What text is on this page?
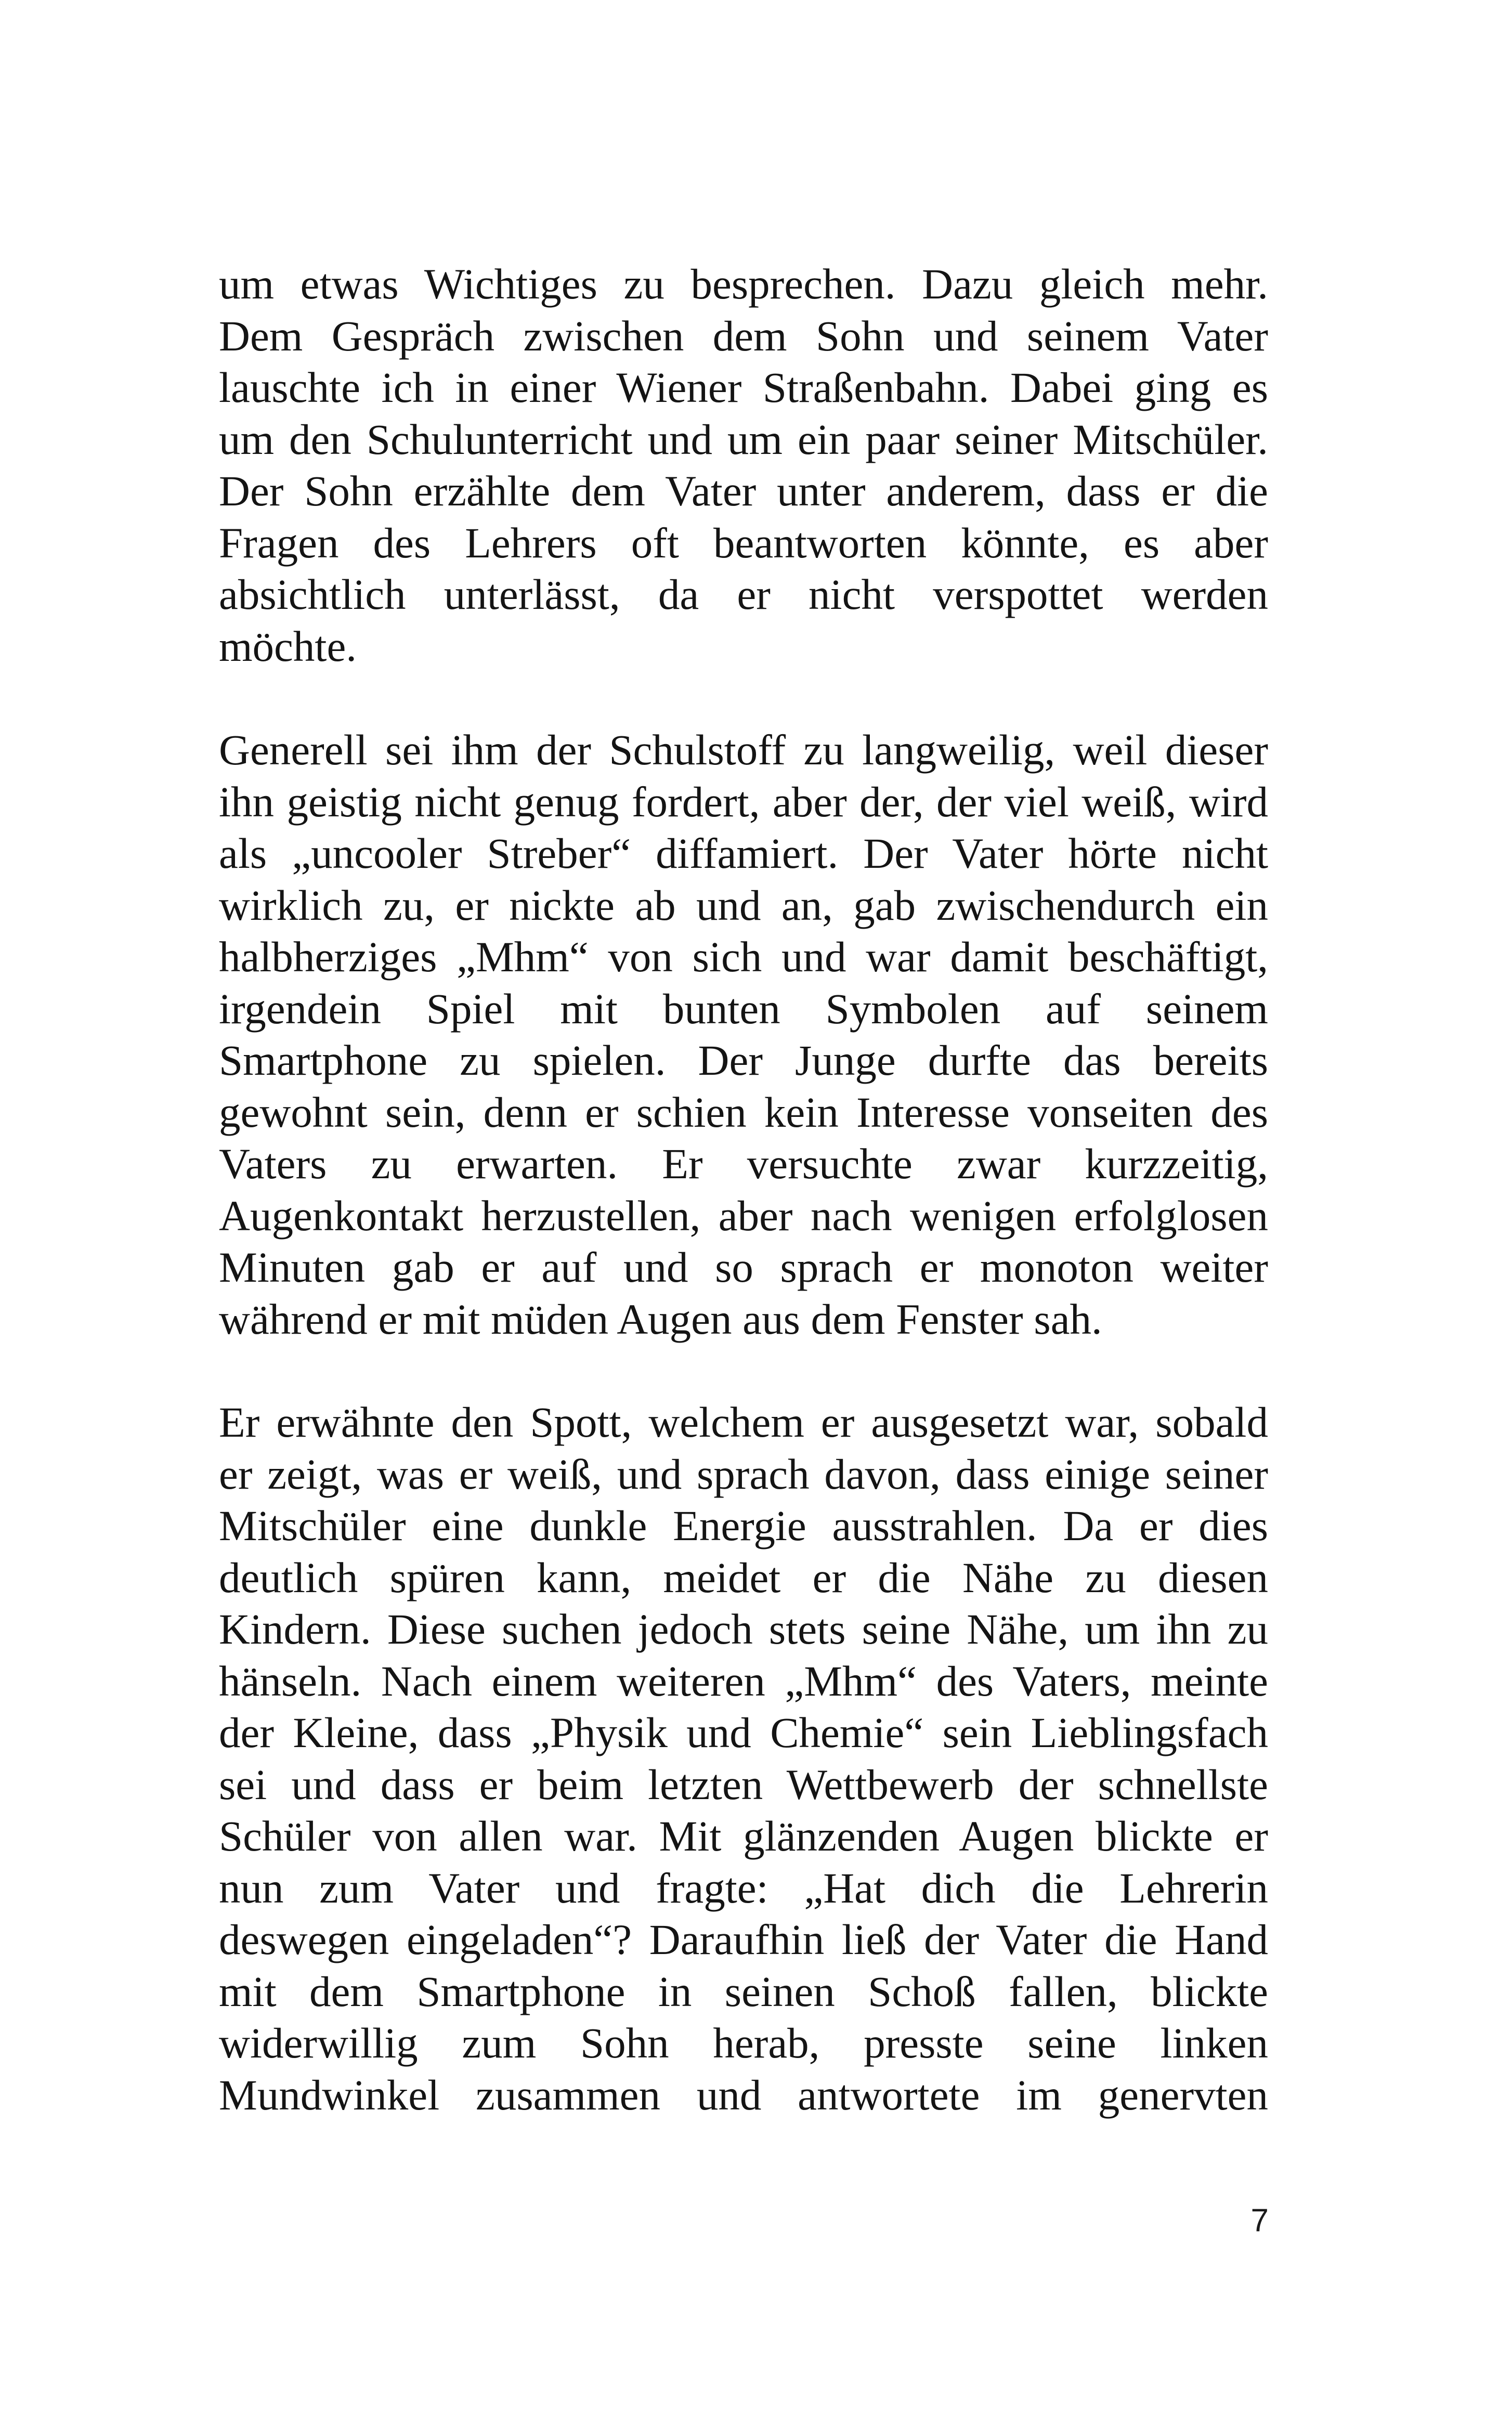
um etwas Wichtiges zu besprechen. Dazu gleich mehr.
Dem Gespräch zwischen dem Sohn und seinem Vater
lauschte ich in einer Wiener Straßenbahn. Dabei ging es
um den Schulunterricht und um ein paar seiner Mitschüler.
Der Sohn erzählte dem Vater unter anderem, dass er die
Fragen des Lehrers oft beantworten könnte, es aber
absichtlich unterlässt, da er nicht verspottet werden
möchte.
Generell sei ihm der Schulstoff zu langweilig, weil dieser
ihn geistig nicht genug fordert, aber der, der viel weiß, wird
als „uncooler Streber“ diffamiert. Der Vater hörte nicht
wirklich zu, er nickte ab und an, gab zwischendurch ein
halbherziges „Mhm“ von sich und war damit beschäftigt,
irgendein Spiel mit bunten Symbolen auf seinem
Smartphone zu spielen. Der Junge durfte das bereits
gewohnt sein, denn er schien kein Interesse vonseiten des
Vaters zu erwarten. Er versuchte zwar kurzzeitig,
Augenkontakt herzustellen, aber nach wenigen erfolglosen
Minuten gab er auf und so sprach er monoton weiter
während er mit müden Augen aus dem Fenster sah.
Er erwähnte den Spott, welchem er ausgesetzt war, sobald
er zeigt, was er weiß, und sprach davon, dass einige seiner
Mitschüler eine dunkle Energie ausstrahlen. Da er dies
deutlich spüren kann, meidet er die Nähe zu diesen
Kindern. Diese suchen jedoch stets seine Nähe, um ihn zu
hänseln. Nach einem weiteren „Mhm“ des Vaters, meinte
der Kleine, dass „Physik und Chemie“ sein Lieblingsfach
sei und dass er beim letzten Wettbewerb der schnellste
Schüler von allen war. Mit glänzenden Augen blickte er
nun zum Vater und fragte: „Hat dich die Lehrerin
deswegen eingeladen“? Daraufhin ließ der Vater die Hand
mit dem Smartphone in seinen Schoß fallen, blickte
widerwillig zum Sohn herab, presste seine linken
Mundwinkel zusammen und antwortete im genervten
7
